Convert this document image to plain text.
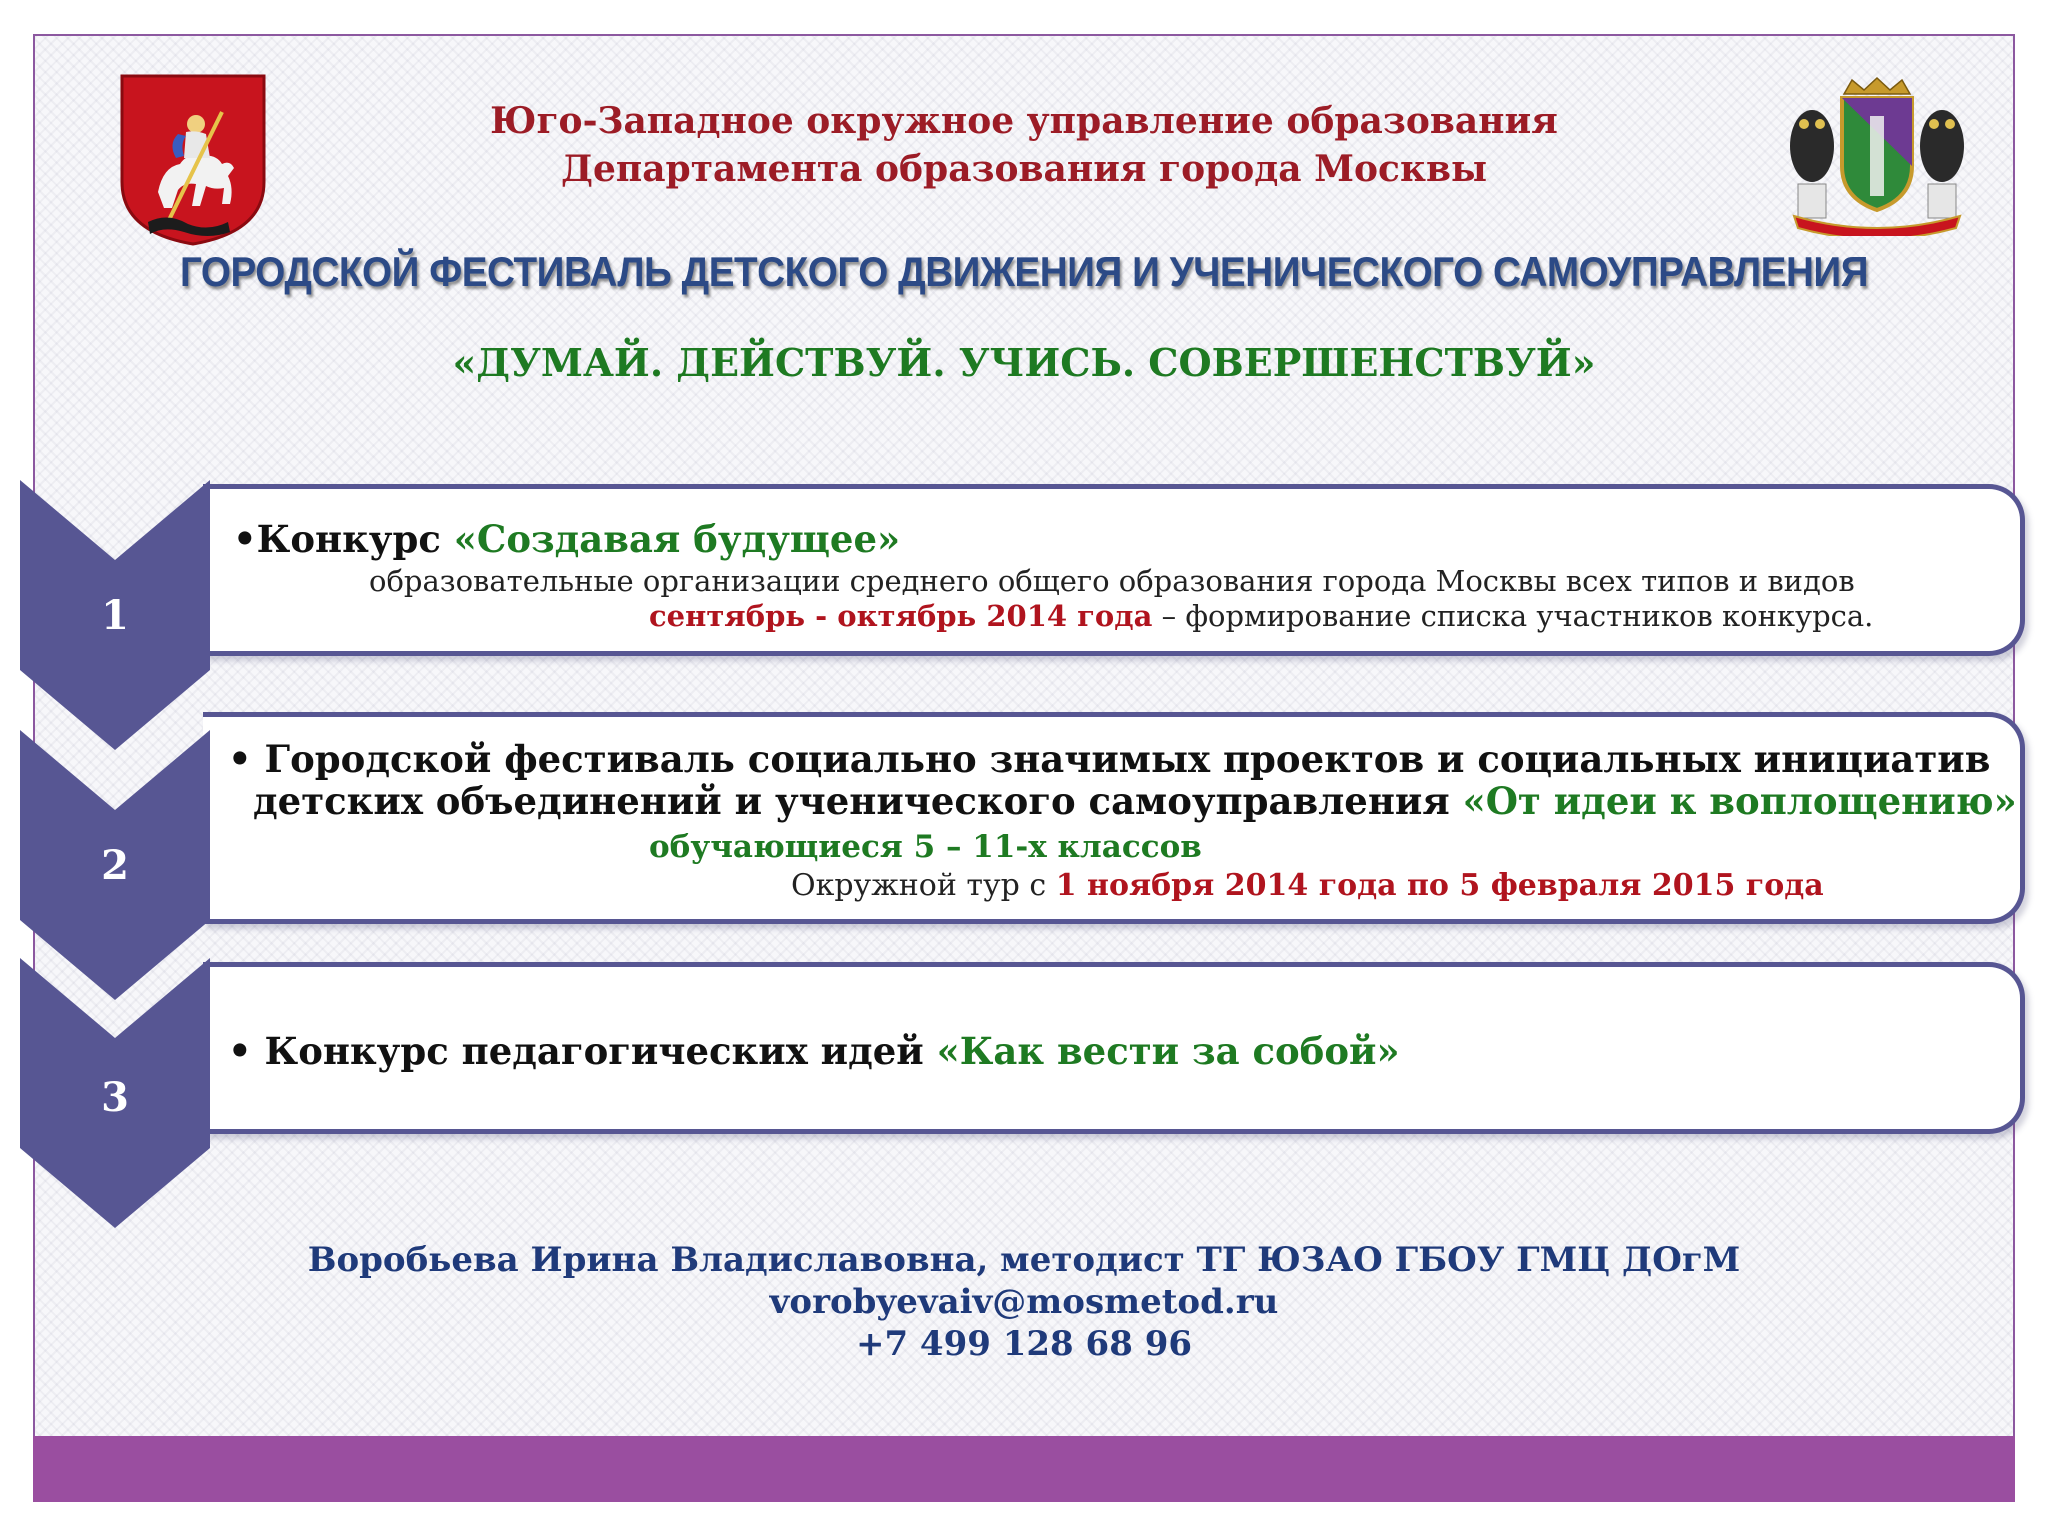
Юго-Западное окружное управление образования
Департамента образования города Москвы
ГОРОДСКОЙ ФЕСТИВАЛЬ ДЕТСКОГО ДВИЖЕНИЯ И УЧЕНИЧЕСКОГО САМОУПРАВЛЕНИЯ
«ДУМАЙ. ДЕЙСТВУЙ. УЧИСЬ. СОВЕРШЕНСТВУЙ»
•Конкурс «Создавая будущее»
образовательные организации среднего общего образования города Москвы всех типов и видов
сентябрь - октябрь 2014 года – формирование списка участников конкурса.
• Городской фестиваль социально значимых проектов и социальных инициатив
детских объединений и ученического самоуправления «От идеи к воплощению»
обучающиеся 5 – 11-х классов
Окружной тур с 1 ноября 2014 года по 5 февраля 2015 года
• Конкурс педагогических идей «Как вести за собой»
1
2
3
Воробьева Ирина Владиславовна, методист ТГ ЮЗАО ГБОУ ГМЦ ДОгМ
vorobyevaiv@mosmetod.ru
+7 499 128 68 96
